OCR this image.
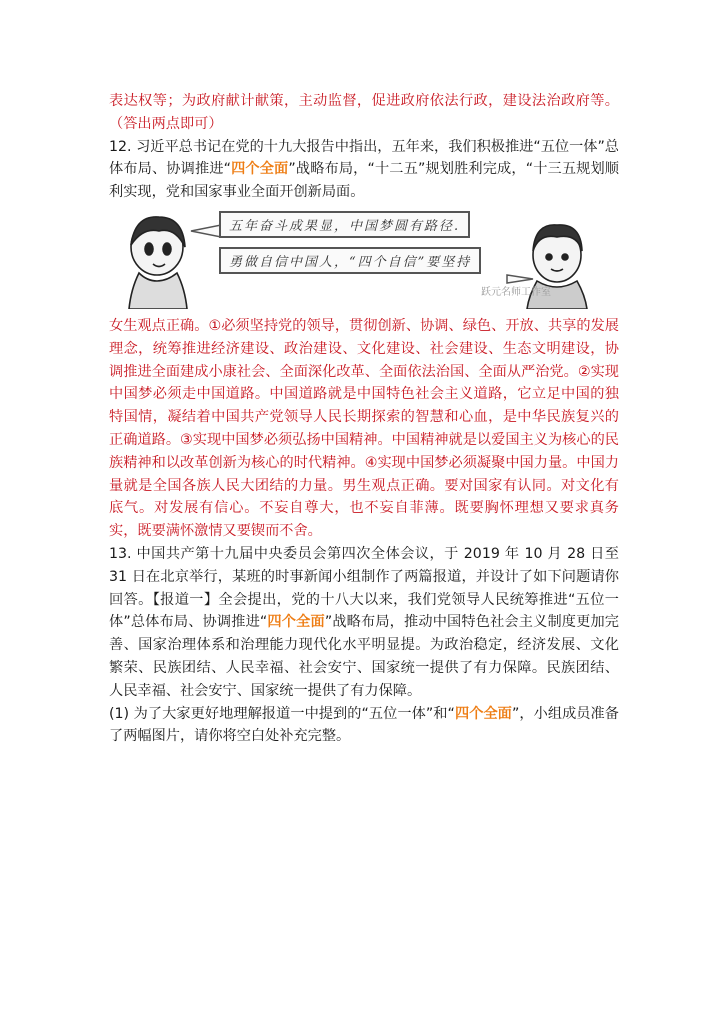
表达权等；为政府献计献策，主动监督，促进政府依法行政，建设法治政府等。（答出两点即可）

12. 习近平总书记在党的十九大报告中指出，五年来，我们积极推进“五位一体”总体布局、协调推进“四个全面”战略布局，“十二五”规划胜利完成，“十三五规划顺利实现，党和国家事业全面开创新局面。

五年奋斗成果显，中国梦圆有路径.
勇做自信中国人，“四个自信”要坚持
跃元名师工作室

女生观点正确。①必须坚持党的领导，贯彻创新、协调、绿色、开放、共享的发展理念，统筹推进经济建设、政治建设、文化建设、社会建设、生态文明建设，协调推进全面建成小康社会、全面深化改革、全面依法治国、全面从严治党。②实现中国梦必须走中国道路。中国道路就是中国特色社会主义道路，它立足中国的独特国情，凝结着中国共产党领导人民长期探索的智慧和心血，是中华民族复兴的正确道路。③实现中国梦必须弘扬中国精神。中国精神就是以爱国主义为核心的民族精神和以改革创新为核心的时代精神。④实现中国梦必须凝聚中国力量。中国力量就是全国各族人民大团结的力量。男生观点正确。要对国家有认同。对文化有底气。对发展有信心。不妄自尊大，也不妄自菲薄。既要胸怀理想又要求真务实，既要满怀激情又要锲而不舍。

13. 中国共产第十九届中央委员会第四次全体会议，于 2019 年 10 月 28 日至 31 日在北京举行，某班的时事新闻小组制作了两篇报道，并设计了如下问题请你回答。【报道一】全会提出，党的十八大以来，我们党领导人民统筹推进“五位一体”总体布局、协调推进“四个全面”战略布局，推动中国特色社会主义制度更加完善、国家治理体系和治理能力现代化水平明显提。为政治稳定，经济发展、文化繁荣、民族团结、人民幸福、社会安宁、国家统一提供了有力保障。民族团结、人民幸福、社会安宁、国家统一提供了有力保障。

(1) 为了大家更好地理解报道一中提到的“五位一体”和“四个全面”，小组成员准备了两幅图片，请你将空白处补充完整。
